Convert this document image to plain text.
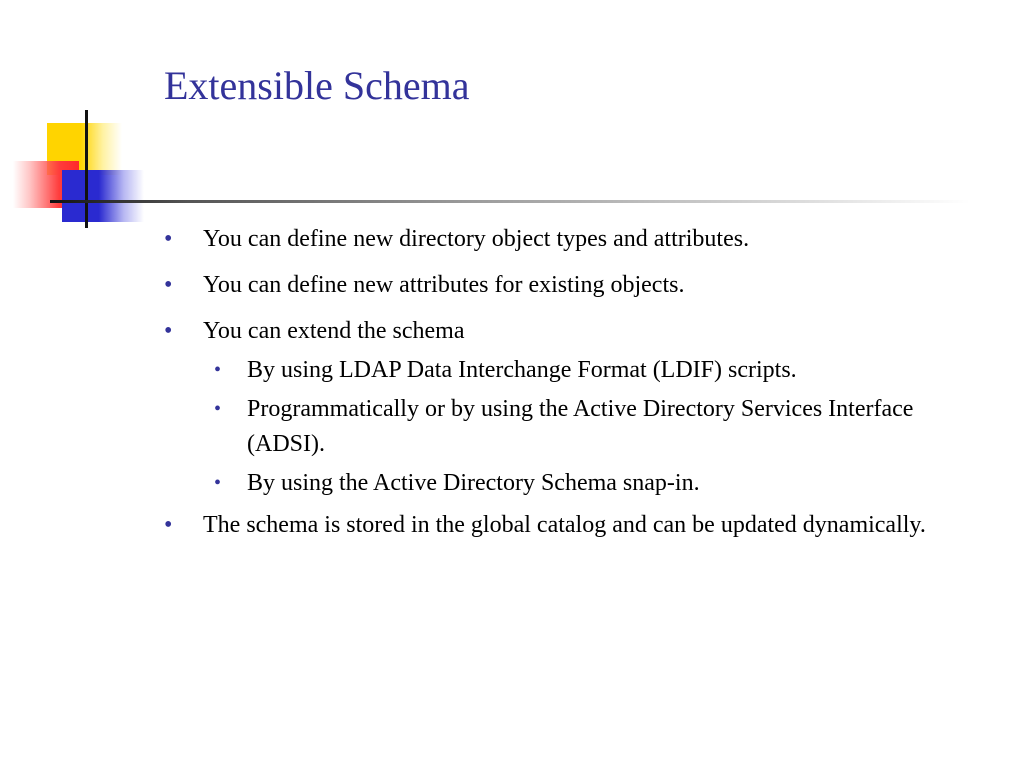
Extensible Schema
• You can define new directory object types and attributes.
• You can define new attributes for existing objects.
• You can extend the schema
• By using LDAP Data Interchange Format (LDIF) scripts.
• Programmatically or by using the Active Directory Services Interface (ADSI).
• By using the Active Directory Schema snap-in.
• The schema is stored in the global catalog and can be updated dynamically.
